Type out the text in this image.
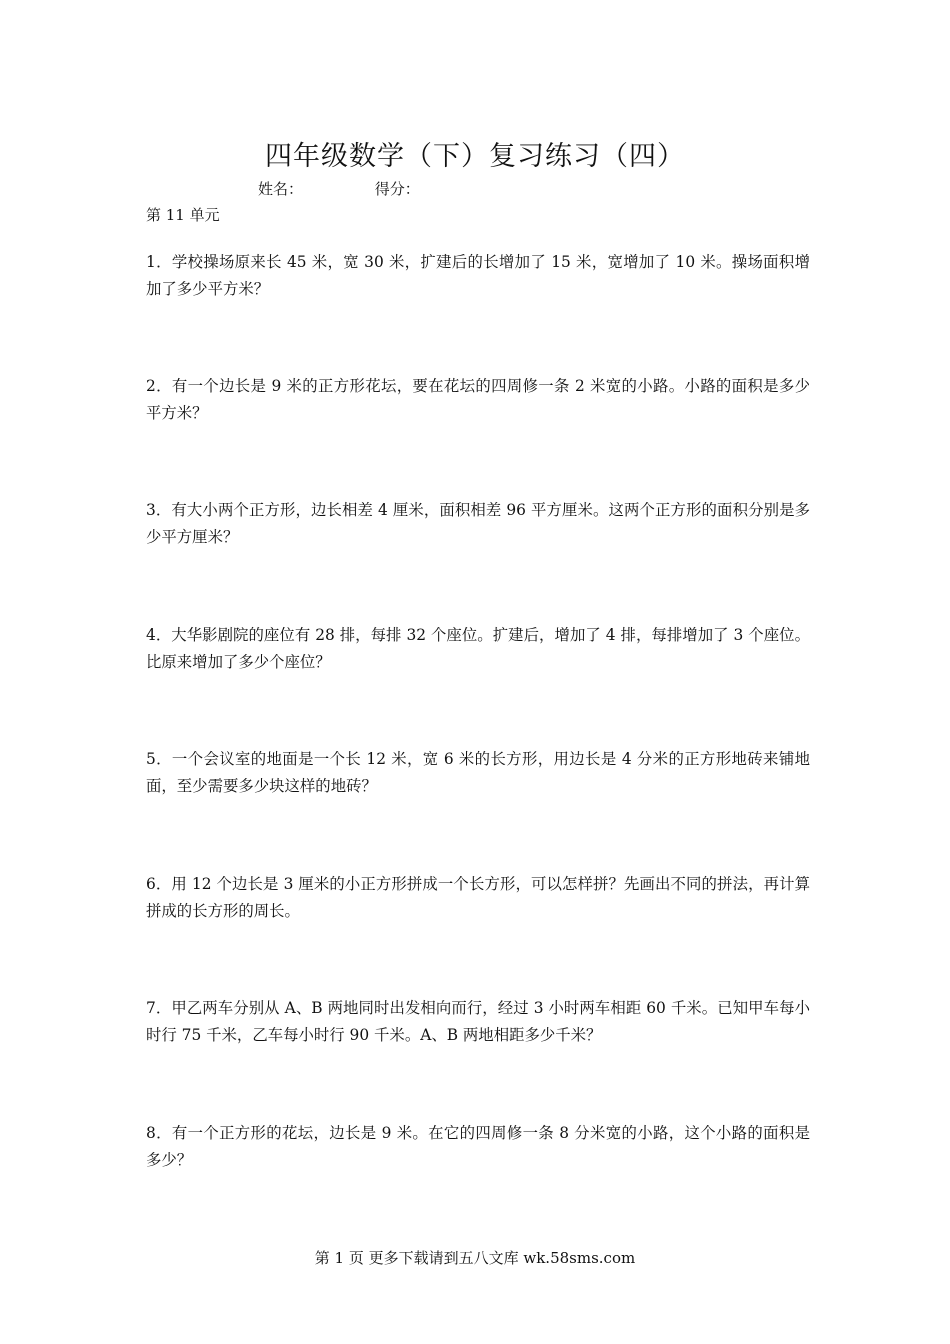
四年级数学（下）复习练习（四）
姓名：	得分：
第 11 单元
1．学校操场原来长 45 米，宽 30 米，扩建后的长增加了 15 米，宽增加了 10 米。操场面积增加了多少平方米？
2．有一个边长是 9 米的正方形花坛，要在花坛的四周修一条 2 米宽的小路。小路的面积是多少平方米？
3．有大小两个正方形，边长相差 4 厘米，面积相差 96 平方厘米。这两个正方形的面积分别是多少平方厘米？
4．大华影剧院的座位有 28 排，每排 32 个座位。扩建后，增加了 4 排，每排增加了 3 个座位。比原来增加了多少个座位？
5．一个会议室的地面是一个长 12 米，宽 6 米的长方形，用边长是 4 分米的正方形地砖来铺地面，至少需要多少块这样的地砖？
6．用 12 个边长是 3 厘米的小正方形拼成一个长方形，可以怎样拼？先画出不同的拼法，再计算拼成的长方形的周长。
7．甲乙两车分别从 A、B 两地同时出发相向而行，经过 3 小时两车相距 60 千米。已知甲车每小时行 75 千米，乙车每小时行 90 千米。A、B 两地相距多少千米？
8．有一个正方形的花坛，边长是 9 米。在它的四周修一条 8 分米宽的小路，这个小路的面积是多少？
第 1 页 更多下载请到五八文库 wk.58sms.com
